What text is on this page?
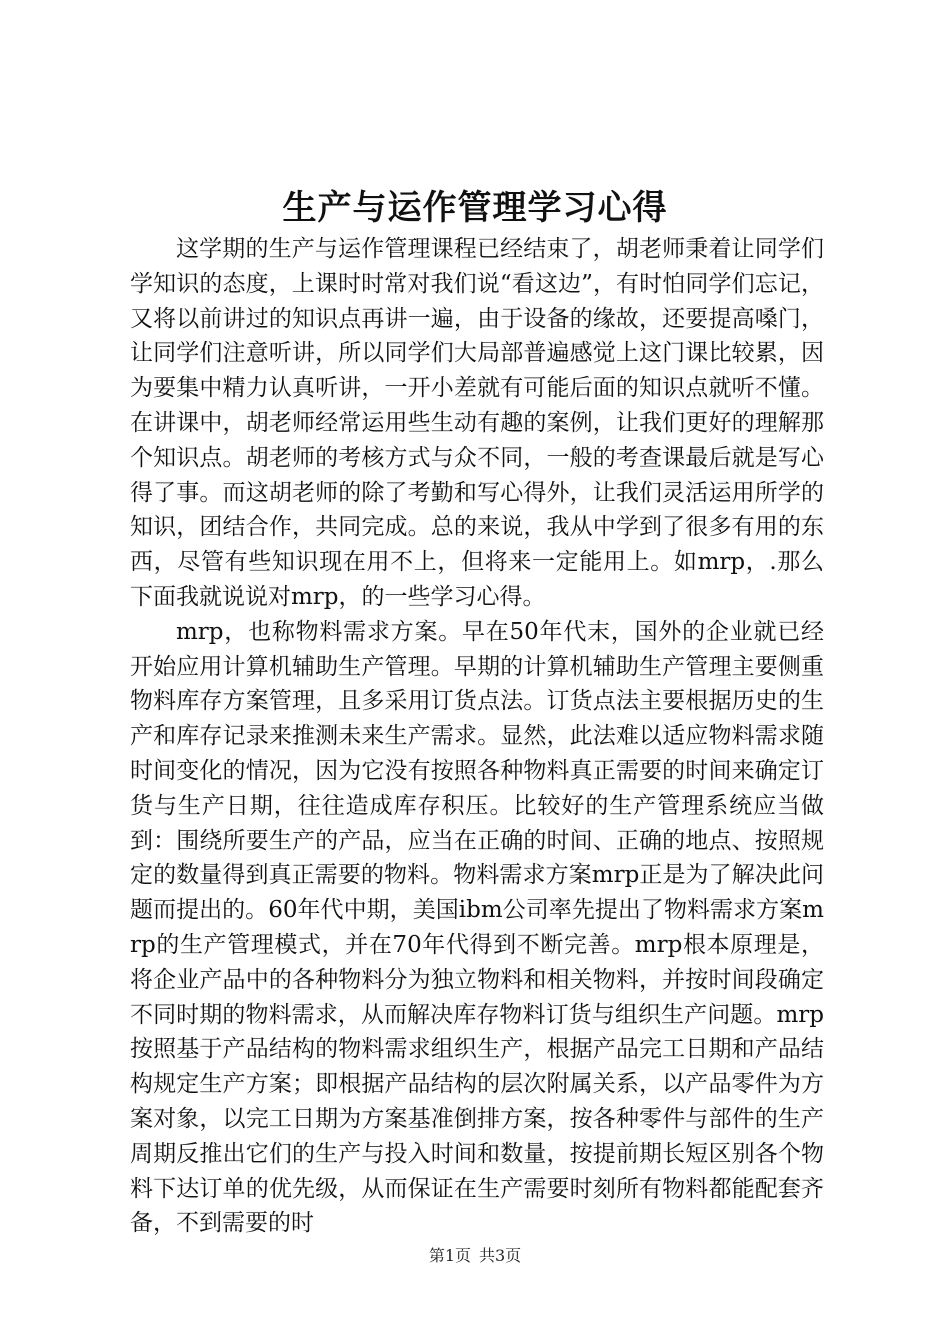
生产与运作管理学习心得

这学期的生产与运作管理课程已经结束了，胡老师秉着让同学们学知识的态度，上课时时常对我们说“看这边”，有时怕同学们忘记，又将以前讲过的知识点再讲一遍，由于设备的缘故，还要提高嗓门，让同学们注意听讲，所以同学们大局部普遍感觉上这门课比较累，因为要集中精力认真听讲，一开小差就有可能后面的知识点就听不懂。在讲课中，胡老师经常运用些生动有趣的案例，让我们更好的理解那个知识点。胡老师的考核方式与众不同，一般的考查课最后就是写心得了事。而这胡老师的除了考勤和写心得外，让我们灵活运用所学的知识，团结合作，共同完成。总的来说，我从中学到了很多有用的东西，尽管有些知识现在用不上，但将来一定能用上。如mrp，.那么下面我就说说对mrp，的一些学习心得。

mrp，也称物料需求方案。早在50年代末，国外的企业就已经开始应用计算机辅助生产管理。早期的计算机辅助生产管理主要侧重物料库存方案管理，且多采用订货点法。订货点法主要根据历史的生产和库存记录来推测未来生产需求。显然，此法难以适应物料需求随时间变化的情况，因为它没有按照各种物料真正需要的时间来确定订货与生产日期，往往造成库存积压。比较好的生产管理系统应当做到：围绕所要生产的产品，应当在正确的时间、正确的地点、按照规定的数量得到真正需要的物料。物料需求方案mrp正是为了解决此问题而提出的。60年代中期，美国ibm公司率先提出了物料需求方案mrp的生产管理模式，并在70年代得到不断完善。mrp根本原理是，将企业产品中的各种物料分为独立物料和相关物料，并按时间段确定不同时期的物料需求，从而解决库存物料订货与组织生产问题。mrp按照基于产品结构的物料需求组织生产，根据产品完工日期和产品结构规定生产方案；即根据产品结构的层次附属关系，以产品零件为方案对象，以完工日期为方案基准倒排方案，按各种零件与部件的生产周期反推出它们的生产与投入时间和数量，按提前期长短区别各个物料下达订单的优先级，从而保证在生产需要时刻所有物料都能配套齐备，不到需要的时

第1页 共3页
